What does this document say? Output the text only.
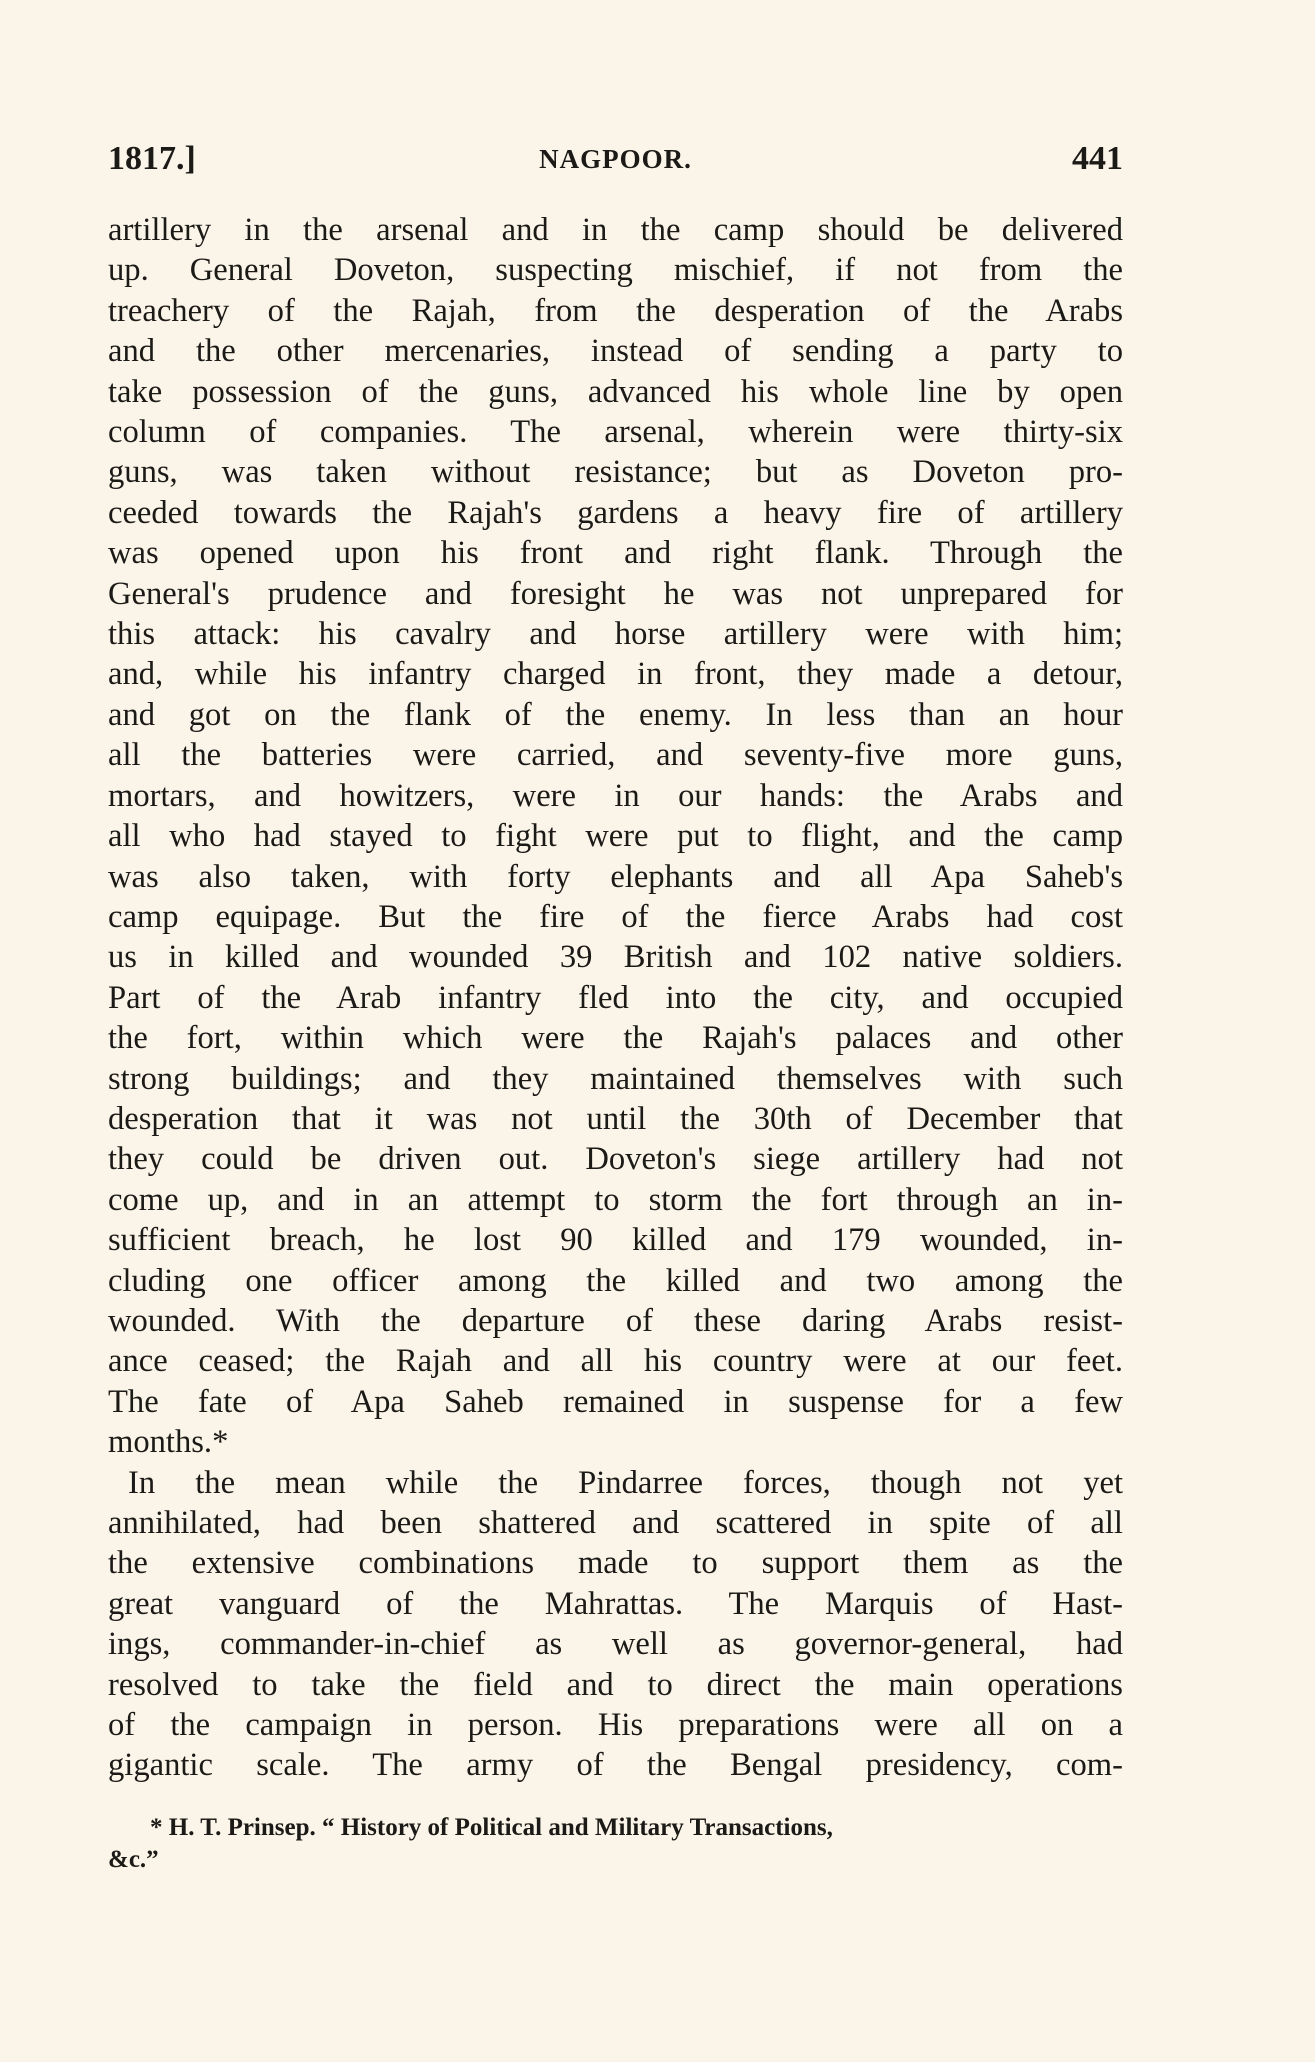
1817.]	NAGPOOR.	441
artillery in the arsenal and in the camp should be delivered
up. General Doveton, suspecting mischief, if not from the
treachery of the Rajah, from the desperation of the Arabs
and the other mercenaries, instead of sending a party to
take possession of the guns, advanced his whole line by open
column of companies. The arsenal, wherein were thirty-six
guns, was taken without resistance; but as Doveton pro-
ceeded towards the Rajah's gardens a heavy fire of artillery
was opened upon his front and right flank. Through the
General's prudence and foresight he was not unprepared for
this attack: his cavalry and horse artillery were with him;
and, while his infantry charged in front, they made a detour,
and got on the flank of the enemy. In less than an hour
all the batteries were carried, and seventy-five more guns,
mortars, and howitzers, were in our hands: the Arabs and
all who had stayed to fight were put to flight, and the camp
was also taken, with forty elephants and all Apa Saheb's
camp equipage. But the fire of the fierce Arabs had cost
us in killed and wounded 39 British and 102 native soldiers.
Part of the Arab infantry fled into the city, and occupied
the fort, within which were the Rajah's palaces and other
strong buildings; and they maintained themselves with such
desperation that it was not until the 30th of December that
they could be driven out. Doveton's siege artillery had not
come up, and in an attempt to storm the fort through an in-
sufficient breach, he lost 90 killed and 179 wounded, in-
cluding one officer among the killed and two among the
wounded. With the departure of these daring Arabs resist-
ance ceased; the Rajah and all his country were at our feet.
The fate of Apa Saheb remained in suspense for a few
months.*
In the mean while the Pindarree forces, though not yet
annihilated, had been shattered and scattered in spite of all
the extensive combinations made to support them as the
great vanguard of the Mahrattas. The Marquis of Hast-
ings, commander-in-chief as well as governor-general, had
resolved to take the field and to direct the main operations
of the campaign in person. His preparations were all on a
gigantic scale. The army of the Bengal presidency, com-
* H. T. Prinsep. “ History of Political and Military Transactions,
&c.”
